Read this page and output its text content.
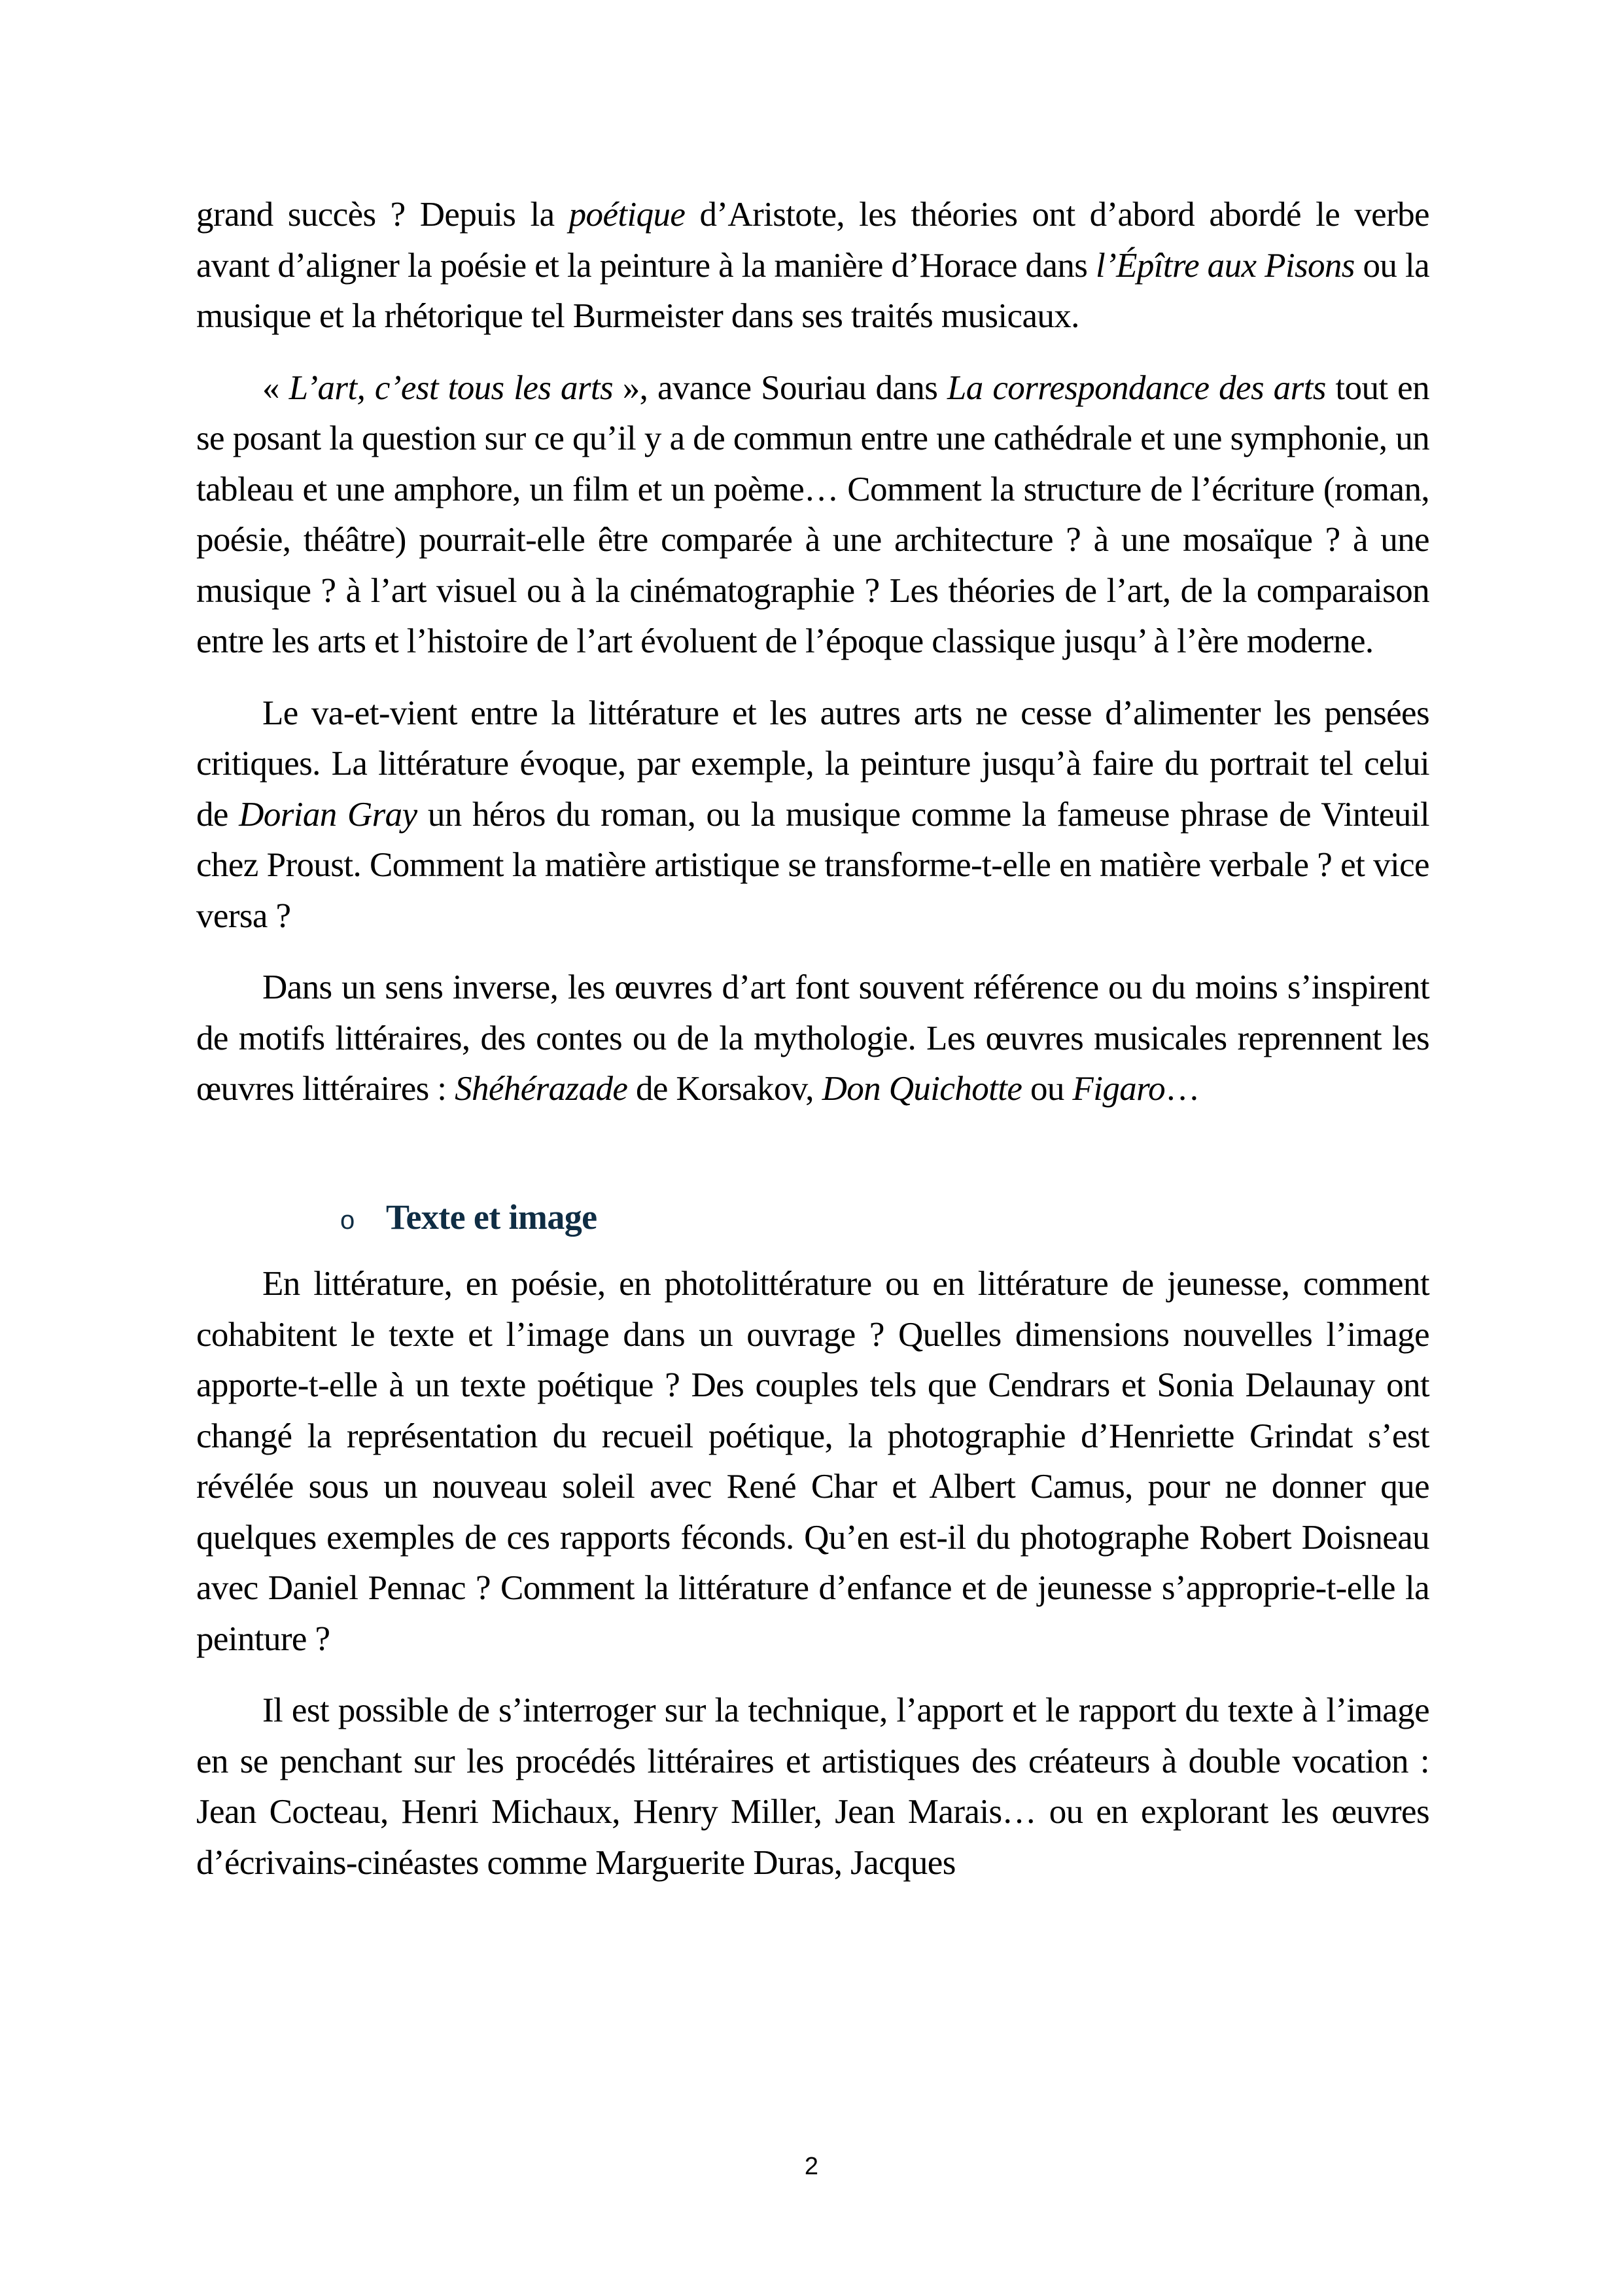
grand succès ? Depuis la poétique d’Aristote, les théories ont d’abord abordé le verbe avant d’aligner la poésie et la peinture à la manière d’Horace dans l’Épître aux Pisons ou la musique et la rhétorique tel Burmeister dans ses traités musicaux.

« L’art, c’est tous les arts », avance Souriau dans La correspondance des arts tout en se posant la question sur ce qu’il y a de commun entre une cathédrale et une symphonie, un tableau et une amphore, un film et un poème… Comment la structure de l’écriture (roman, poésie, théâtre) pourrait-elle être comparée à une architecture ? à une mosaïque ? à une musique ? à l’art visuel ou à la cinématographie ? Les théories de l’art, de la comparaison entre les arts et l’histoire de l’art évoluent de l’époque classique jusqu’ à l’ère moderne.

Le va-et-vient entre la littérature et les autres arts ne cesse d’alimenter les pensées critiques. La littérature évoque, par exemple, la peinture jusqu’à faire du portrait tel celui de Dorian Gray un héros du roman, ou la musique comme la fameuse phrase de Vinteuil chez Proust. Comment la matière artistique se transforme-t-elle en matière verbale ? et vice versa ?

Dans un sens inverse, les œuvres d’art font souvent référence ou du moins s’inspirent de motifs littéraires, des contes ou de la mythologie. Les œuvres musicales reprennent les œuvres littéraires : Shéhérazade de Korsakov, Don Quichotte ou Figaro…

o Texte et image

En littérature, en poésie, en photolittérature ou en littérature de jeunesse, comment cohabitent le texte et l’image dans un ouvrage ? Quelles dimensions nouvelles l’image apporte-t-elle à un texte poétique ? Des couples tels que Cendrars et Sonia Delaunay ont changé la représentation du recueil poétique, la photographie d’Henriette Grindat s’est révélée sous un nouveau soleil avec René Char et Albert Camus, pour ne donner que quelques exemples de ces rapports féconds. Qu’en est-il du photographe Robert Doisneau avec Daniel Pennac ? Comment la littérature d’enfance et de jeunesse s’approprie-t-elle la peinture ?

Il est possible de s’interroger sur la technique, l’apport et le rapport du texte à l’image en se penchant sur les procédés littéraires et artistiques des créateurs à double vocation : Jean Cocteau, Henri Michaux, Henry Miller, Jean Marais… ou en explorant les œuvres d’écrivains-cinéastes comme Marguerite Duras, Jacques

2
